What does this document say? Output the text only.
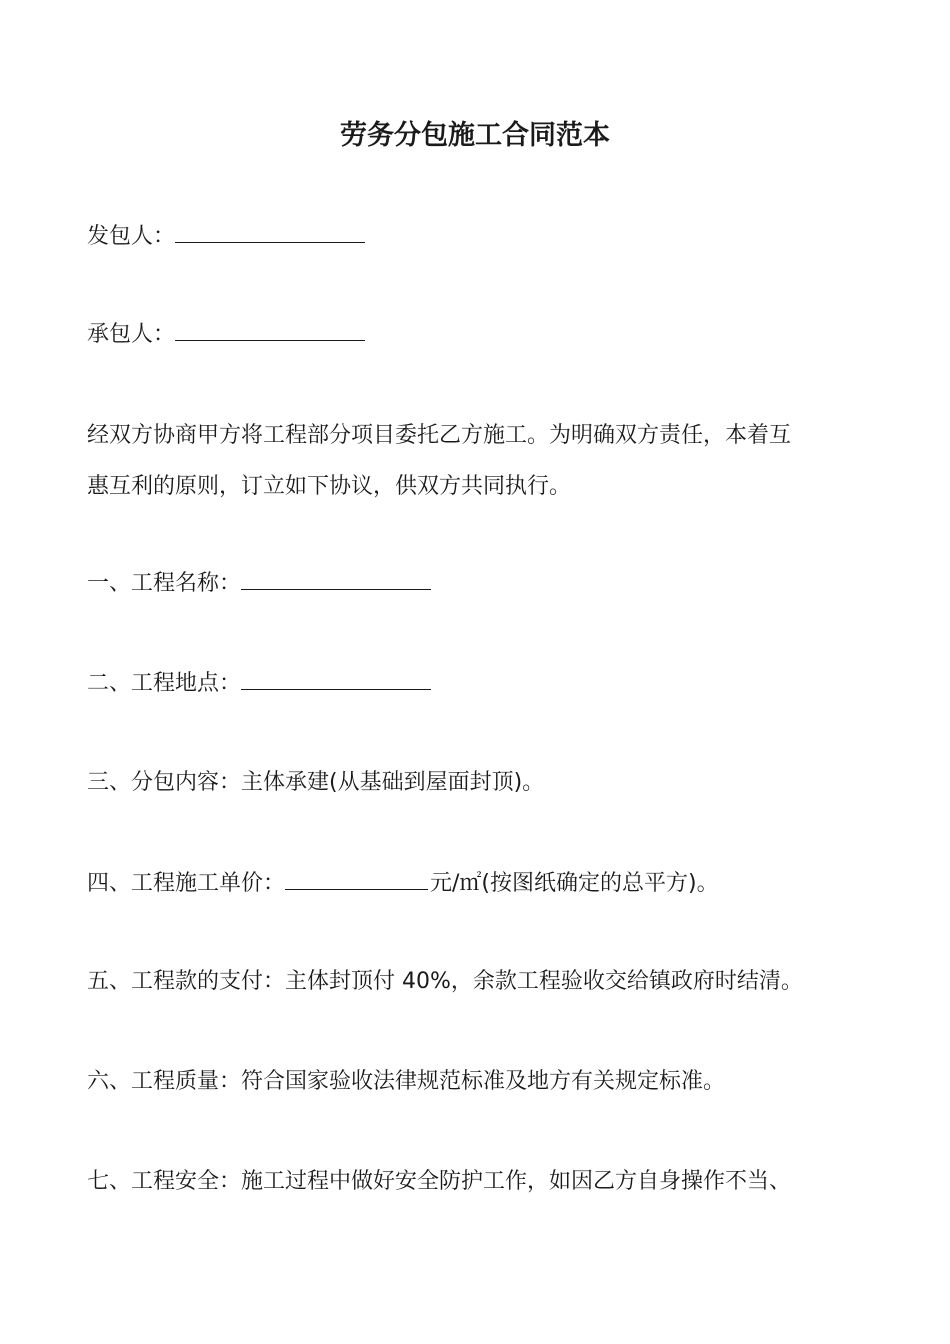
劳务分包施工合同范本
发包人：
承包人：
经双方协商甲方将工程部分项目委托乙方施工。为明确双方责任，本着互
惠互利的原则，订立如下协议，供双方共同执行。
一、工程名称：
二、工程地点：
三、分包内容：主体承建(从基础到屋面封顶)。
四、工程施工单价：	元/㎡(按图纸确定的总平方)。
五、工程款的支付：主体封顶付 40%，余款工程验收交给镇政府时结清。
六、工程质量：符合国家验收法律规范标准及地方有关规定标准。
七、工程安全：施工过程中做好安全防护工作，如因乙方自身操作不当、
